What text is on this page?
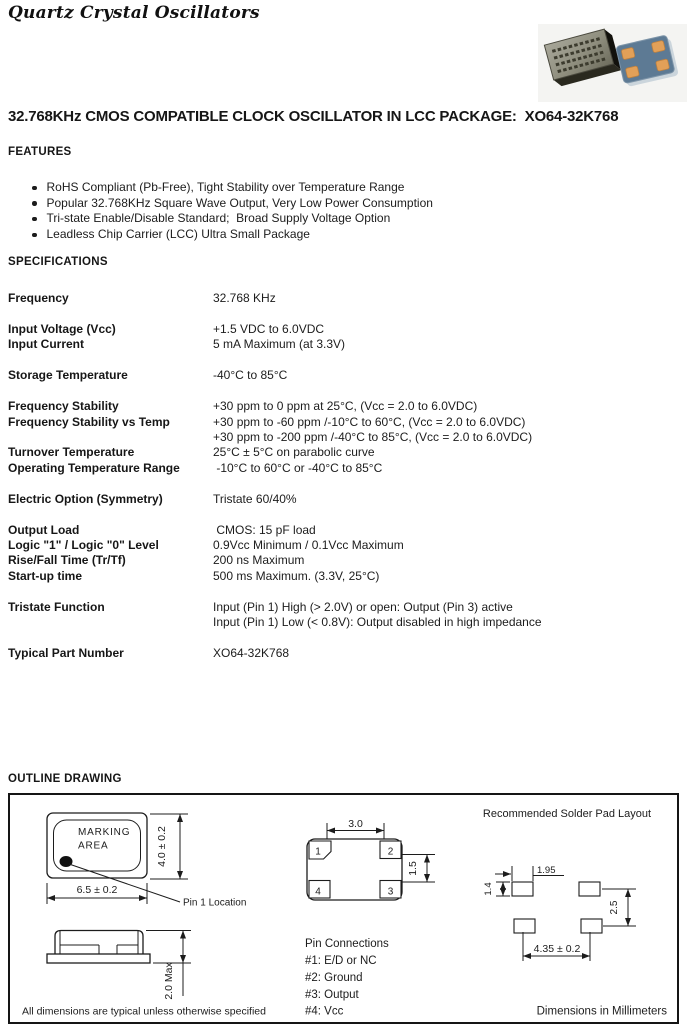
Quartz Crystal Oscillators
32.768KHz CMOS COMPATIBLE CLOCK OSCILLATOR IN LCC PACKAGE:  XO64-32K768
FEATURES
RoHS Compliant (Pb-Free), Tight Stability over Temperature Range
Popular 32.768KHz Square Wave Output, Very Low Power Consumption
Tri-state Enable/Disable Standard;  Broad Supply Voltage Option
Leadless Chip Carrier (LCC) Ultra Small Package
SPECIFICATIONS
Frequency	32.768 KHz
Input Voltage (Vcc)	+1.5 VDC to 6.0VDC
Input Current	5 mA Maximum (at 3.3V)
Storage Temperature	-40°C to 85°C
Frequency Stability	+30 ppm to 0 ppm at 25°C, (Vcc = 2.0 to 6.0VDC)
Frequency Stability vs Temp	+30 ppm to -60 ppm /-10°C to 60°C, (Vcc = 2.0 to 6.0VDC)
+30 ppm to -200 ppm /-40°C to 85°C, (Vcc = 2.0 to 6.0VDC)
Turnover Temperature	25°C ± 5°C on parabolic curve
Operating Temperature Range	-10°C to 60°C or -40°C to 85°C
Electric Option (Symmetry)	Tristate 60/40%
Output Load	CMOS: 15 pF load
Logic "1" / Logic "0" Level	0.9Vcc Minimum / 0.1Vcc Maximum
Rise/Fall Time (Tr/Tf)	200 ns Maximum
Start-up time	500 ms Maximum. (3.3V, 25°C)
Tristate Function	Input (Pin 1) High (> 2.0V) or open: Output (Pin 3) active
Input (Pin 1) Low (< 0.8V): Output disabled in high impedance
Typical Part Number	XO64-32K768
OUTLINE DRAWING
MARKING
AREA	4.0 ± 0.2
6.5 ± 0.2
Pin 1 Location
1	2
4	3
3.0
1.5
Recommended Solder Pad Layout
1.95
1.4
2.5
4.35 ± 0.2
2.0 Max
Pin Connections
#1: E/D or NC
#2: Ground
#3: Output
#4: Vcc
All dimensions are typical unless otherwise specified	Dimensions in Millimeters
